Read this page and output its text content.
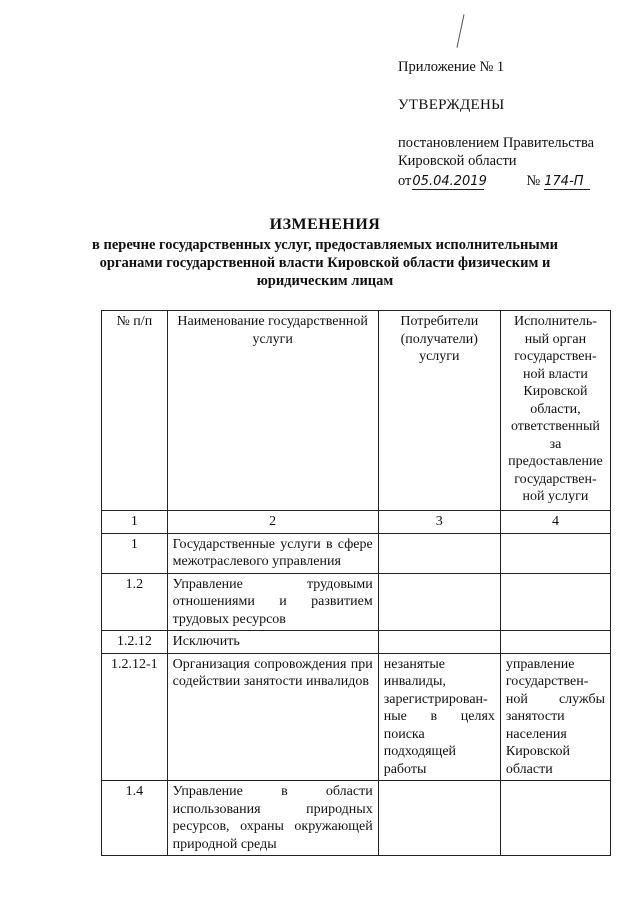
Приложение № 1
УТВЕРЖДЕНЫ
постановлением Правительства
Кировской области
от 05.04.2019	№ 174-П
ИЗМЕНЕНИЯ
в перечне государственных услуг, предоставляемых исполнительными органами государственной власти Кировской области физическим и юридическим лицам
№ п/п	Наименование государственной услуги	Потребители (получатели) услуги	Исполнитель-ный орган государствен-ной власти Кировской области, ответственный за предоставление государствен-ной услуги
1	2	3	4
1	Государственные услуги в сфере межотраслевого управления		
1.2	Управление трудовыми отношениями и развитием трудовых ресурсов		
1.2.12	Исключить		
1.2.12-1	Организация сопровождения при содействии занятости инвалидов	незанятые инвалиды, зарегистрирован-ные в целях поиска подходящей работы	управление государствен-ной службы занятости населения Кировской области
1.4	Управление в области использования природных ресурсов, охраны окружающей природной среды		
